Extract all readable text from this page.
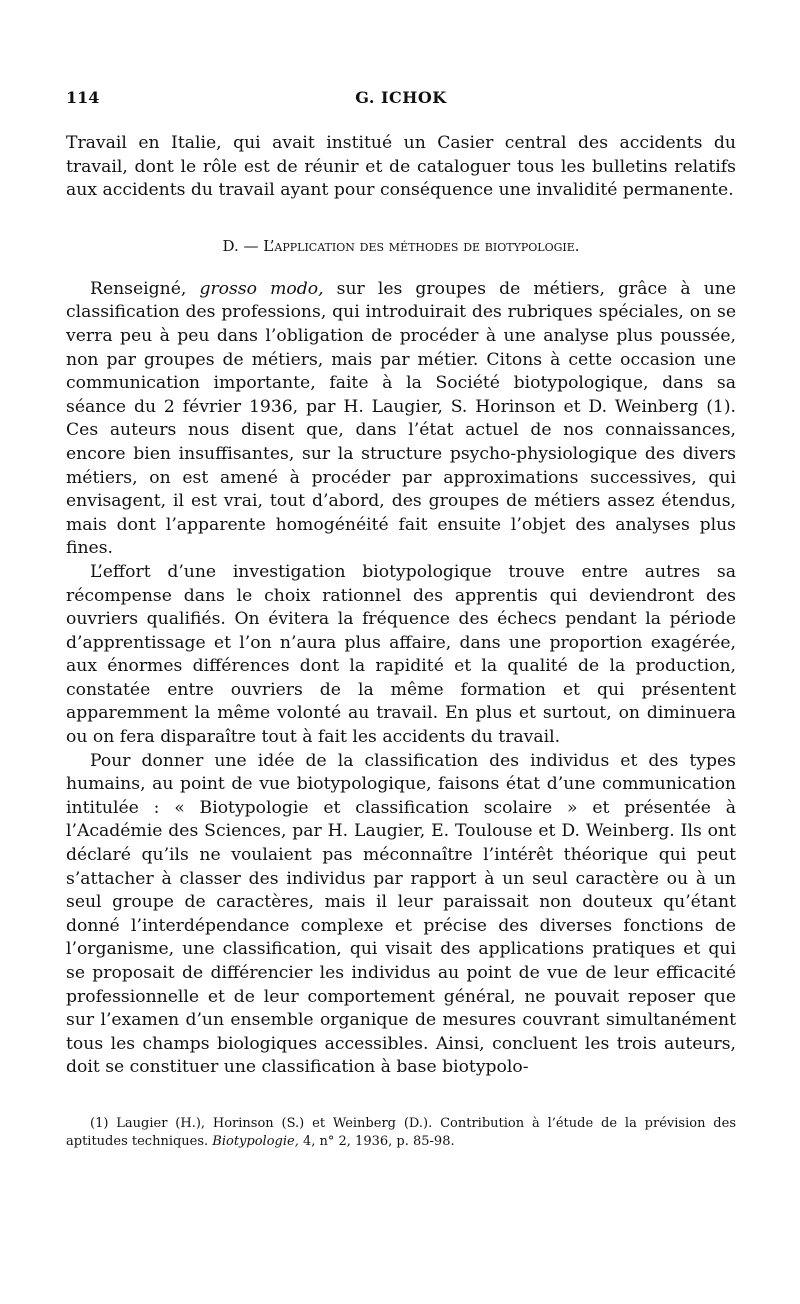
114	G. ICHOK

Travail en Italie, qui avait institué un Casier central des accidents du travail, dont le rôle est de réunir et de cataloguer tous les bulletins relatifs aux accidents du travail ayant pour conséquence une invalidité permanente.

D. — L’application des méthodes de biotypologie.

Renseigné, grosso modo, sur les groupes de métiers, grâce à une classification des professions, qui introduirait des rubriques spéciales, on se verra peu à peu dans l’obligation de procéder à une analyse plus poussée, non par groupes de métiers, mais par métier. Citons à cette occasion une communication importante, faite à la Société biotypologique, dans sa séance du 2 février 1936, par H. Laugier, S. Horinson et D. Weinberg (1). Ces auteurs nous disent que, dans l’état actuel de nos connaissances, encore bien insuffisantes, sur la structure psycho-physiologique des divers métiers, on est amené à procéder par approximations successives, qui envisagent, il est vrai, tout d’abord, des groupes de métiers assez étendus, mais dont l’apparente homogénéité fait ensuite l’objet des analyses plus fines.

L’effort d’une investigation biotypologique trouve entre autres sa récompense dans le choix rationnel des apprentis qui deviendront des ouvriers qualifiés. On évitera la fréquence des échecs pendant la période d’apprentissage et l’on n’aura plus affaire, dans une proportion exagérée, aux énormes différences dont la rapidité et la qualité de la production, constatée entre ouvriers de la même formation et qui présentent apparemment la même volonté au travail. En plus et surtout, on diminuera ou on fera disparaître tout à fait les accidents du travail.

Pour donner une idée de la classification des individus et des types humains, au point de vue biotypologique, faisons état d’une communication intitulée : « Biotypologie et classification scolaire » et présentée à l’Académie des Sciences, par H. Laugier, E. Toulouse et D. Weinberg. Ils ont déclaré qu’ils ne voulaient pas méconnaître l’intérêt théorique qui peut s’attacher à classer des individus par rapport à un seul caractère ou à un seul groupe de caractères, mais il leur paraissait non douteux qu’étant donné l’interdépendance complexe et précise des diverses fonctions de l’organisme, une classification, qui visait des applications pratiques et qui se proposait de différencier les individus au point de vue de leur efficacité professionnelle et de leur comportement général, ne pouvait reposer que sur l’examen d’un ensemble organique de mesures couvrant simultanément tous les champs biologiques accessibles. Ainsi, concluent les trois auteurs, doit se constituer une classification à base biotypolo-

(1) Laugier (H.), Horinson (S.) et Weinberg (D.). Contribution à l’étude de la prévision des aptitudes techniques. Biotypologie, 4, n° 2, 1936, p. 85-98.
